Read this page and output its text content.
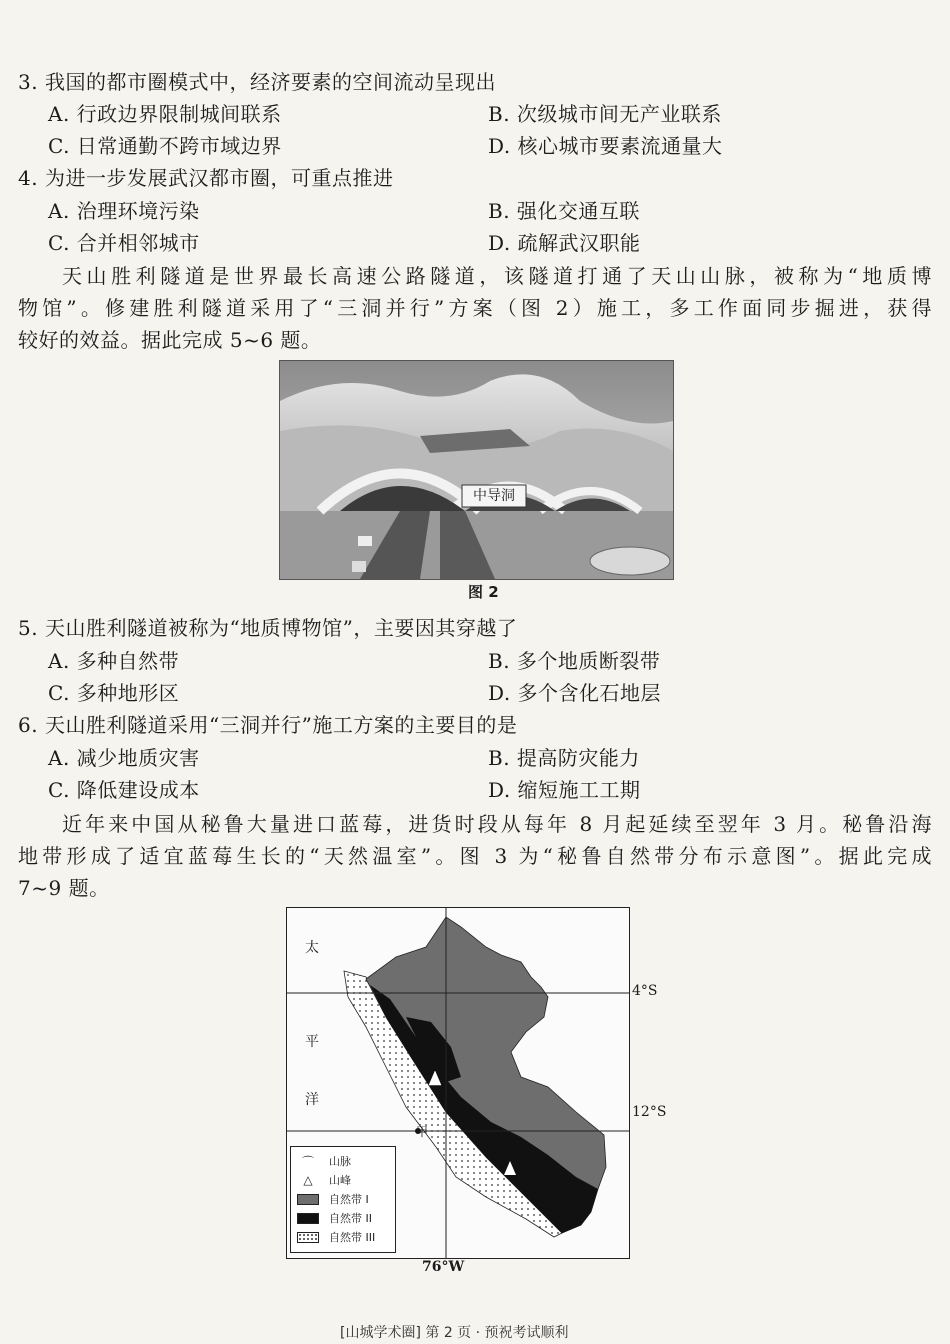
3. 我国的都市圈模式中，经济要素的空间流动呈现出
A. 行政边界限制城间联系	B. 次级城市间无产业联系
C. 日常通勤不跨市域边界	D. 核心城市要素流通量大
4. 为进一步发展武汉都市圈，可重点推进
A. 治理环境污染	B. 强化交通互联
C. 合并相邻城市	D. 疏解武汉职能
天山胜利隧道是世界最长高速公路隧道，该隧道打通了天山山脉，被称为“地质博
物馆”。修建胜利隧道采用了“三洞并行”方案（图 2）施工，多工作面同步掘进，获得
较好的效益。据此完成 5~6 题。
中导洞
图 2
5. 天山胜利隧道被称为“地质博物馆”，主要因其穿越了
A. 多种自然带	B. 多个地质断裂带
C. 多种地形区	D. 多个含化石地层
6. 天山胜利隧道采用“三洞并行”施工方案的主要目的是
A. 减少地质灾害	B. 提高防灾能力
C. 降低建设成本	D. 缩短施工工期
近年来中国从秘鲁大量进口蓝莓，进货时段从每年 8 月起延续至翌年 3 月。秘鲁沿海
地带形成了适宜蓝莓生长的“天然温室”。图 3 为“秘鲁自然带分布示意图”。据此完成
7~9 题。
太
平
洋
4°S
12°S
76°W
甲
⌒	山脉
△	山峰
自然带 I
自然带 II
自然带 III
[山城学术圈] 第 2 页 · 预祝考试顺利
